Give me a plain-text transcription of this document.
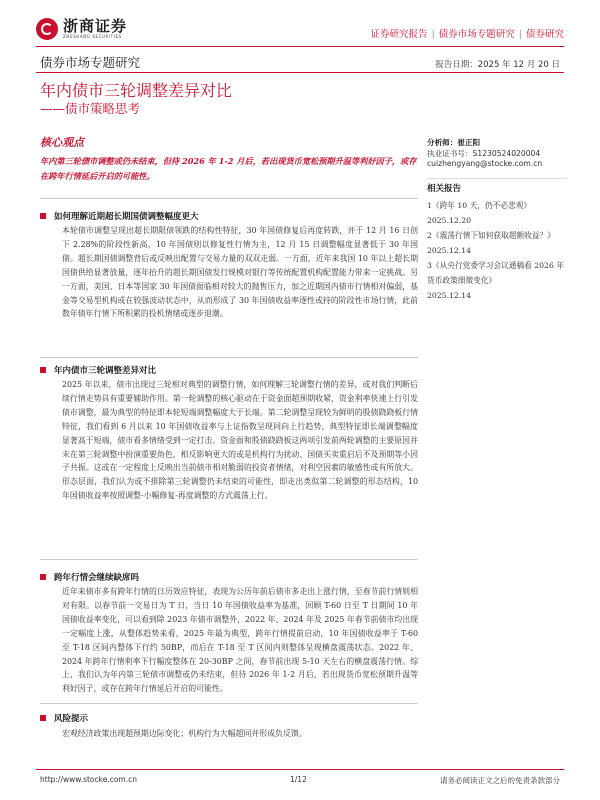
浙商证券
ZHESHANG SECURITIES	证券研究报告 | 债券市场专题研究 | 债券研究
债券市场专题研究	报告日期：2025 年 12 月 20 日
年内债市三轮调整差异对比
——债市策略思考
核心观点
年内第三轮债市调整或仍未结束，但待 2026 年 1-2 月后，若出现货币宽松预期升温等利好因子，或存在跨年行情延后开启的可能性。
如何理解近期超长期国债调整幅度更大
本轮债市调整呈现出超长期限债领跌的结构性特征，30 年国债修复后再度转跌，并于 12 月 16 日创下 2.28%的阶段性新高，10 年国债则以修复性行情为主，12 月 15 日调整幅度显著低于 30 年国债。超长期国债调整背后或反映出配置与交易力量的双双走弱。一方面，近年来我国 10 年以上超长期国债供给显著放量，逐年抬升的超长期国债发行规模对银行等传统配置机构配置能力带来一定挑战。另一方面，美国、日本等国家 30 年国债面临相对较大的抛售压力，加之近期国内债市行情相对偏弱，基金等交易型机构或在较强波动状态中，从而形成了 30 年国债收益率逐性或持的阶段性市场行情，此前数年债年行情下所积累的投机情绪或逐步退潮。
年内债市三轮调整差异对比
2025 年以来，债市出现过三轮相对典型的调整行情，如何理解三轮调整行情的差异，或对我们判断后续行情走势具有重要辅助作用。第一轮调整的核心驱动在于资金面超预期收紧，资金利率快速上行引发债市调整，最为典型的特征即本轮短端调整幅度大于长端。第二轮调整呈现较为鲜明的股债跷跷板行情特征，我们看到 6 月以来 10 年国债收益率与上证指数呈现同向上行趋势，典型特征即长端调整幅度显著高于短端，债市看多情绪受到一定打击。资金面和股债跷跷板这两项引发前两轮调整的主要原因并未在第三轮调整中扮演重要角色，相反影响更大的或是机构行为扰动、国债买卖重启后不及预期等小因子共振。这或在一定程度上反映出当前债市相对脆弱的投资者情绪，对利空因素的敏感性或有所放大。形态层面，我们认为或不排除第三轮调整仍未结束的可能性，即走出类似第二轮调整的形态结构，10 年国债收益率按照调整-小幅修复-再度调整的方式震荡上行。
跨年行情会继续缺席吗
近年来债市多有跨年行情的日历效应特征，表现为公历年前后债市多走出上涨行情，至春节前行情则相对有限。以春节前一交易日为 T 日，当日 10 年国债收益率为基准，回顾 T-60 日至 T 日期间 10 年国债收益率变化，可以看到除 2023 年债市调整外，2022 年、2024 年及 2025 年春节前债市均出现一定幅度上涨，从整体趋势来看，2025 年最为典型，跨年行情提前启动，10 年国债收益率于 T-60 至 T-18 区间内整体下行约 50BP，而后在 T-18 至 T 区间内则整体呈现横盘震荡状态。2022 年、2024 年跨年行情利率下行幅度整体在 20-30BP 之间，春节前出现 5-10 天左右的横盘震荡行情。综上，我们认为年内第三轮债市调整或仍未结束，但待 2026 年 1-2 月后，若出现货币宽松预期升温等利好因子，或存在跨年行情延后开启的可能性。
风险提示
宏观经济政策出现超预期边际变化；机构行为大幅超同并形成负反馈。
分析师：崔正阳
执业证书号：S1230524020004
cuizhengyang@stocke.com.cn
相关报告
1《跨年 10 天，仍不必悲观》
2025.12.20
2《震荡行情下如何获取超额收益？》
2025.12.14
3《从央行党委学习会议通稿看 2026 年货币政策细微变化》
2025.12.14
http://www.stocke.com.cn	1/12	请务必阅读正文之后的免责条款部分
